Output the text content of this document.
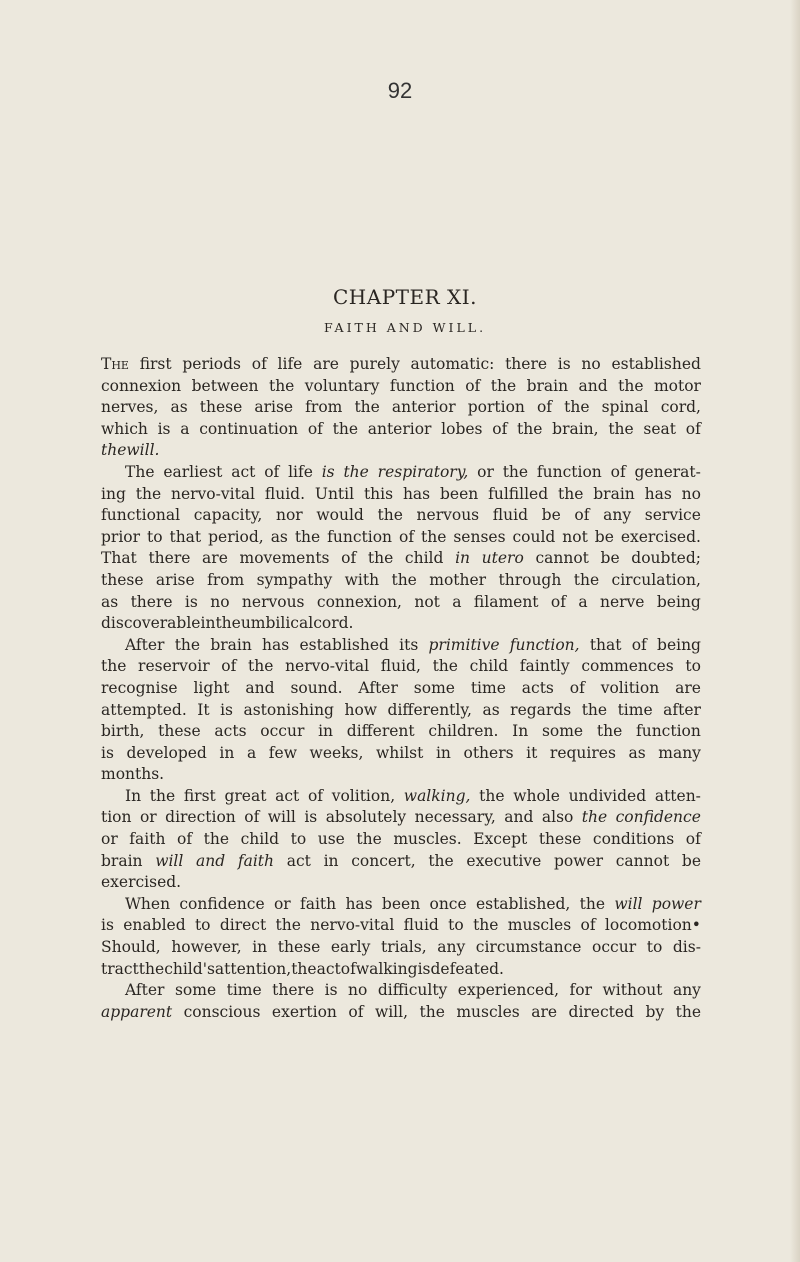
92
CHAPTER XI.
FAITH AND WILL.
The first periods of life are purely automatic: there is no established
connexion between the voluntary function of the brain and the motor
nerves, as these arise from the anterior portion of the spinal cord,
which is a continuation of the anterior lobes of the brain, the seat of
the will.
The earliest act of life is the respiratory, or the function of generat-
ing the nervo-vital fluid. Until this has been fulfilled the brain has no
functional capacity, nor would the nervous fluid be of any service
prior to that period, as the function of the senses could not be exercised.
That there are movements of the child in utero cannot be doubted;
these arise from sympathy with the mother through the circulation,
as there is no nervous connexion, not a filament of a nerve being
discoverable in the umbilical cord.
After the brain has established its primitive function, that of being
the reservoir of the nervo-vital fluid, the child faintly commences to
recognise light and sound. After some time acts of volition are
attempted. It is astonishing how differently, as regards the time after
birth, these acts occur in different children. In some the function
is developed in a few weeks, whilst in others it requires as many
months.
In the first great act of volition, walking, the whole undivided atten-
tion or direction of will is absolutely necessary, and also the confidence
or faith of the child to use the muscles. Except these conditions of
brain will and faith act in concert, the executive power cannot be
exercised.
When confidence or faith has been once established, the will power
is enabled to direct the nervo-vital fluid to the muscles of locomotion•
Should, however, in these early trials, any circumstance occur to dis-
tract the child's attention, the act of walking is defeated.
After some time there is no difficulty experienced, for without any
apparent conscious exertion of will, the muscles are directed by the
